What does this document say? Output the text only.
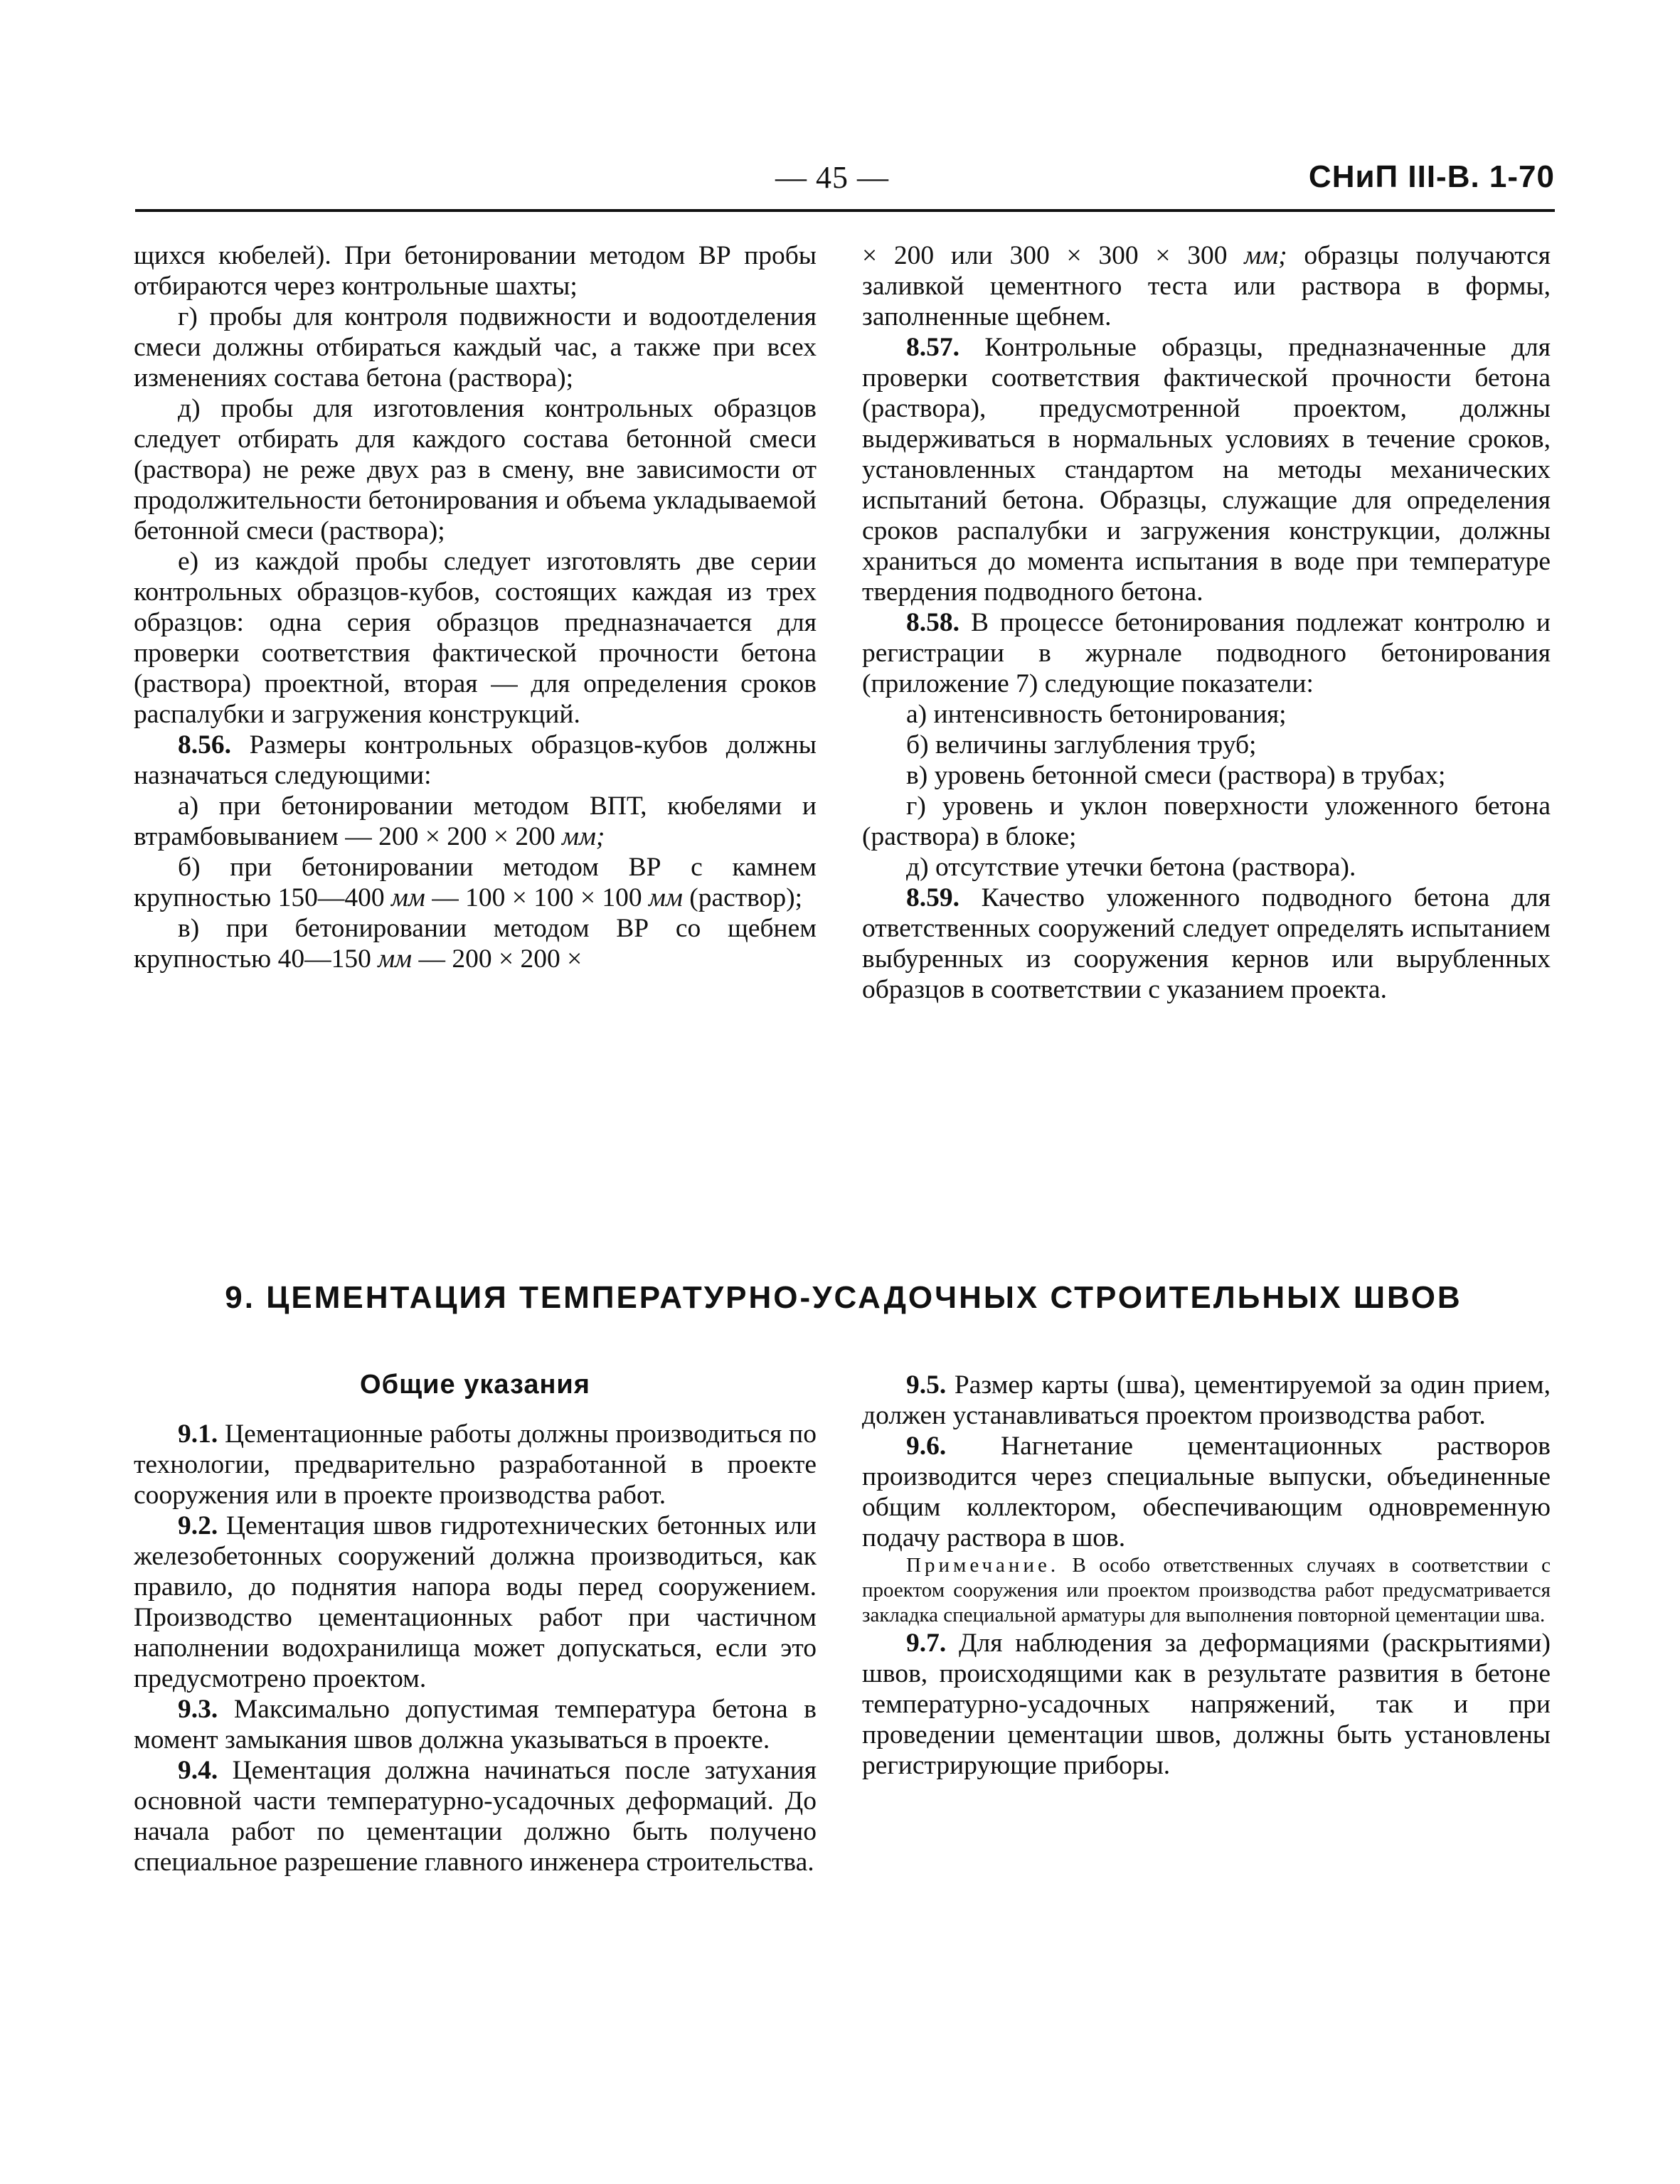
— 45 —	СНиП III-В. 1-70

щихся кюбелей). При бетонировании методом ВР пробы отбираются через контрольные шахты;

г) пробы для контроля подвижности и водоотделения смеси должны отбираться каждый час, а также при всех изменениях состава бетона (раствора);

д) пробы для изготовления контрольных образцов следует отбирать для каждого состава бетонной смеси (раствора) не реже двух раз в смену, вне зависимости от продолжительности бетонирования и объема укладываемой бетонной смеси (раствора);

е) из каждой пробы следует изготовлять две серии контрольных образцов-кубов, состоящих каждая из трех образцов: одна серия образцов предназначается для проверки соответствия фактической прочности бетона (раствора) проектной, вторая — для определения сроков распалубки и загружения конструкций.

8.56. Размеры контрольных образцов-кубов должны назначаться следующими:

а) при бетонировании методом ВПТ, кюбелями и втрамбовыванием — 200 × 200 × 200 мм;

б) при бетонировании методом ВР с камнем крупностью 150—400 мм — 100 × 100 × 100 мм (раствор);

в) при бетонировании методом ВР со щебнем крупностью 40—150 мм — 200 × 200 ×

× 200 или 300 × 300 × 300 мм; образцы получаются заливкой цементного теста или раствора в формы, заполненные щебнем.

8.57. Контрольные образцы, предназначенные для проверки соответствия фактической прочности бетона (раствора), предусмотренной проектом, должны выдерживаться в нормальных условиях в течение сроков, установленных стандартом на методы механических испытаний бетона. Образцы, служащие для определения сроков распалубки и загружения конструкции, должны храниться до момента испытания в воде при температуре твердения подводного бетона.

8.58. В процессе бетонирования подлежат контролю и регистрации в журнале подводного бетонирования (приложение 7) следующие показатели:

а) интенсивность бетонирования;

б) величины заглубления труб;

в) уровень бетонной смеси (раствора) в трубах;

г) уровень и уклон поверхности уложенного бетона (раствора) в блоке;

д) отсутствие утечки бетона (раствора).

8.59. Качество уложенного подводного бетона для ответственных сооружений следует определять испытанием выбуренных из сооружения кернов или вырубленных образцов в соответствии с указанием проекта.

9. ЦЕМЕНТАЦИЯ ТЕМПЕРАТУРНО-УСАДОЧНЫХ СТРОИТЕЛЬНЫХ ШВОВ
Общие указания

9.1. Цементационные работы должны производиться по технологии, предварительно разработанной в проекте сооружения или в проекте производства работ.

9.2. Цементация швов гидротехнических бетонных или железобетонных сооружений должна производиться, как правило, до поднятия напора воды перед сооружением. Производство цементационных работ при частичном наполнении водохранилища может допускаться, если это предусмотрено проектом.

9.3. Максимально допустимая температура бетона в момент замыкания швов должна указываться в проекте.

9.4. Цементация должна начинаться после затухания основной части температурно-усадочных деформаций. До начала работ по цементации должно быть получено специальное разрешение главного инженера строительства.

9.5. Размер карты (шва), цементируемой за один прием, должен устанавливаться проектом производства работ.

9.6. Нагнетание цементационных растворов производится через специальные выпуски, объединенные общим коллектором, обеспечивающим одновременную подачу раствора в шов.

Примечание. В особо ответственных случаях в соответствии с проектом сооружения или проектом производства работ предусматривается закладка специальной арматуры для выполнения повторной цементации шва.

9.7. Для наблюдения за деформациями (раскрытиями) швов, происходящими как в результате развития в бетоне температурно-усадочных напряжений, так и при проведении цементации швов, должны быть установлены регистрирующие приборы.
